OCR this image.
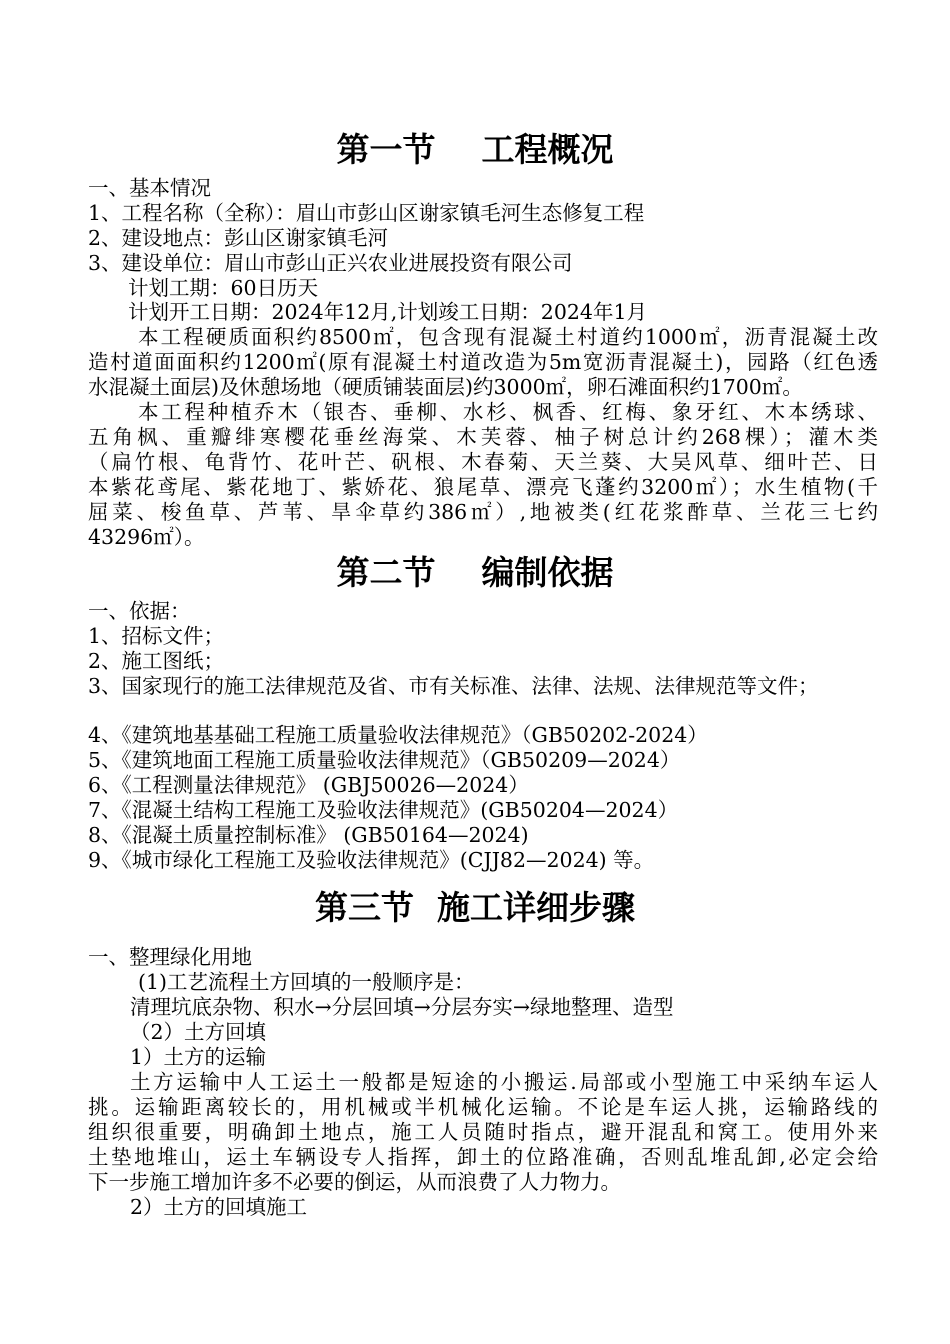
第一节    工程概况
一、基本情况
1、工程名称（全称）：眉山市彭山区谢家镇毛河生态修复工程
2、建设地点：彭山区谢家镇毛河
3、建设单位：眉山市彭山正兴农业进展投资有限公司
计划工期：60日历天
计划开工日期：2024年12月,计划竣工日期：2024年1月
本工程硬质面积约8500㎡，包含现有混凝土村道约1000㎡，沥青混凝土改
造村道面面积约1200㎡(原有混凝土村道改造为5m宽沥青混凝土)，园路（红色透
水混凝土面层)及休憩场地（硬质铺装面层)约3000㎡，卵石滩面积约1700㎡。
本工程种植乔木（银杏、垂柳、水杉、枫香、红梅、象牙红、木本绣球、
五角枫、重瓣绯寒樱花垂丝海棠、木芙蓉、柚子树总计约268棵）；灌木类
（扁竹根、龟背竹、花叶芒、矾根、木春菊、天兰葵、大吴风草、细叶芒、日
本紫花鸢尾、紫花地丁、紫娇花、狼尾草、漂亮飞蓬约3200㎡）；水生植物(千
屈菜、梭鱼草、芦苇、旱伞草约386㎡）,地被类(红花浆酢草、兰花三七约
43296㎡）。
第二节    编制依据
一、依据：
1、招标文件；
2、施工图纸；
3、国家现行的施工法律规范及省、市有关标准、法律、法规、法律规范等文件；
4、《建筑地基基础工程施工质量验收法律规范》（GB50202-2024）
5、《建筑地面工程施工质量验收法律规范》（GB50209—2024）
6、《工程测量法律规范》 (GBJ50026—2024）
7、《混凝土结构工程施工及验收法律规范》(GB50204—2024）
8、《混凝土质量控制标准》 (GB50164—2024)
9、《城市绿化工程施工及验收法律规范》(CJJ82—2024) 等。
第三节  施工详细步骤
一、整理绿化用地
(1)工艺流程土方回填的一般顺序是：
清理坑底杂物、积水→分层回填→分层夯实→绿地整理、造型
（2）土方回填
1）土方的运输
土方运输中人工运土一般都是短途的小搬运.局部或小型施工中采纳车运人
挑。运输距离较长的，用机械或半机械化运输。不论是车运人挑，运输路线的
组织很重要，明确卸土地点，施工人员随时指点，避开混乱和窝工。使用外来
土垫地堆山，运土车辆设专人指挥，卸土的位路准确，否则乱堆乱卸,必定会给
下一步施工增加许多不必要的倒运，从而浪费了人力物力。
2）土方的回填施工
